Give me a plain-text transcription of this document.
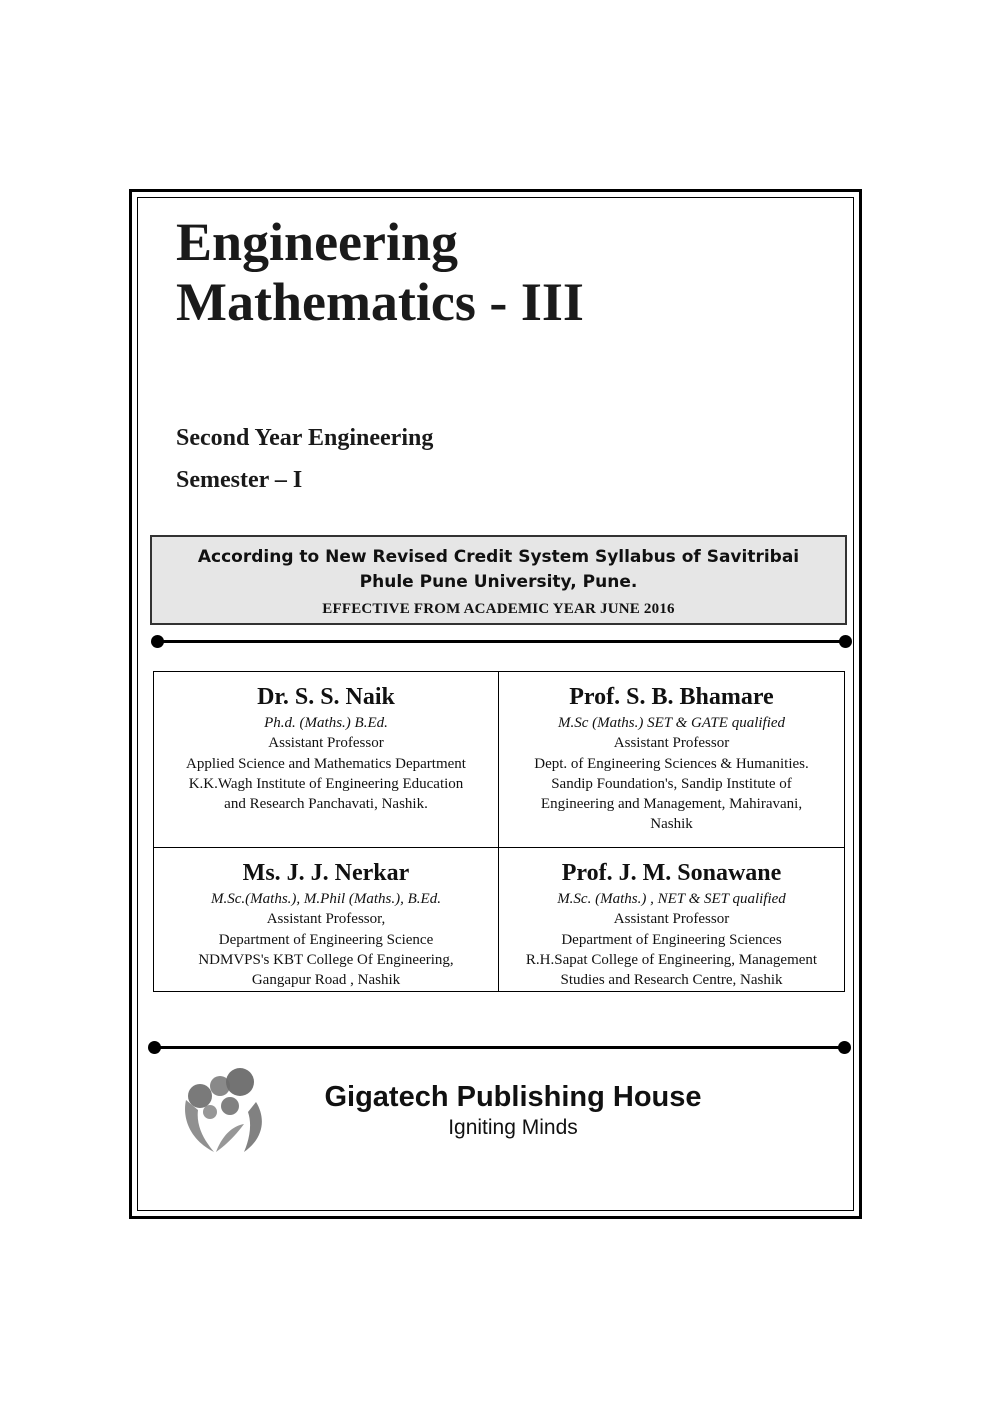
Engineering
Mathematics - III
Second Year Engineering
Semester – I
According to New Revised Credit System Syllabus of Savitribai
Phule Pune University, Pune.
EFFECTIVE FROM ACADEMIC YEAR JUNE 2016
Dr. S. S. Naik
Ph.d. (Maths.) B.Ed.
Assistant Professor
Applied Science and Mathematics Department
K.K.Wagh Institute of Engineering Education
and Research Panchavati, Nashik.
Prof. S. B. Bhamare
M.Sc (Maths.) SET & GATE qualified
Assistant Professor
Dept. of Engineering Sciences & Humanities.
Sandip Foundation's, Sandip Institute of
Engineering and Management, Mahiravani,
Nashik
Ms. J. J. Nerkar
M.Sc.(Maths.), M.Phil (Maths.), B.Ed.
Assistant Professor,
Department of Engineering Science
NDMVPS's KBT College Of Engineering,
Gangapur Road , Nashik
Prof. J. M. Sonawane
M.Sc. (Maths.) , NET & SET qualified
Assistant Professor
Department of Engineering Sciences
R.H.Sapat College of Engineering, Management
Studies and Research Centre, Nashik
Gigatech Publishing House
Igniting Minds
